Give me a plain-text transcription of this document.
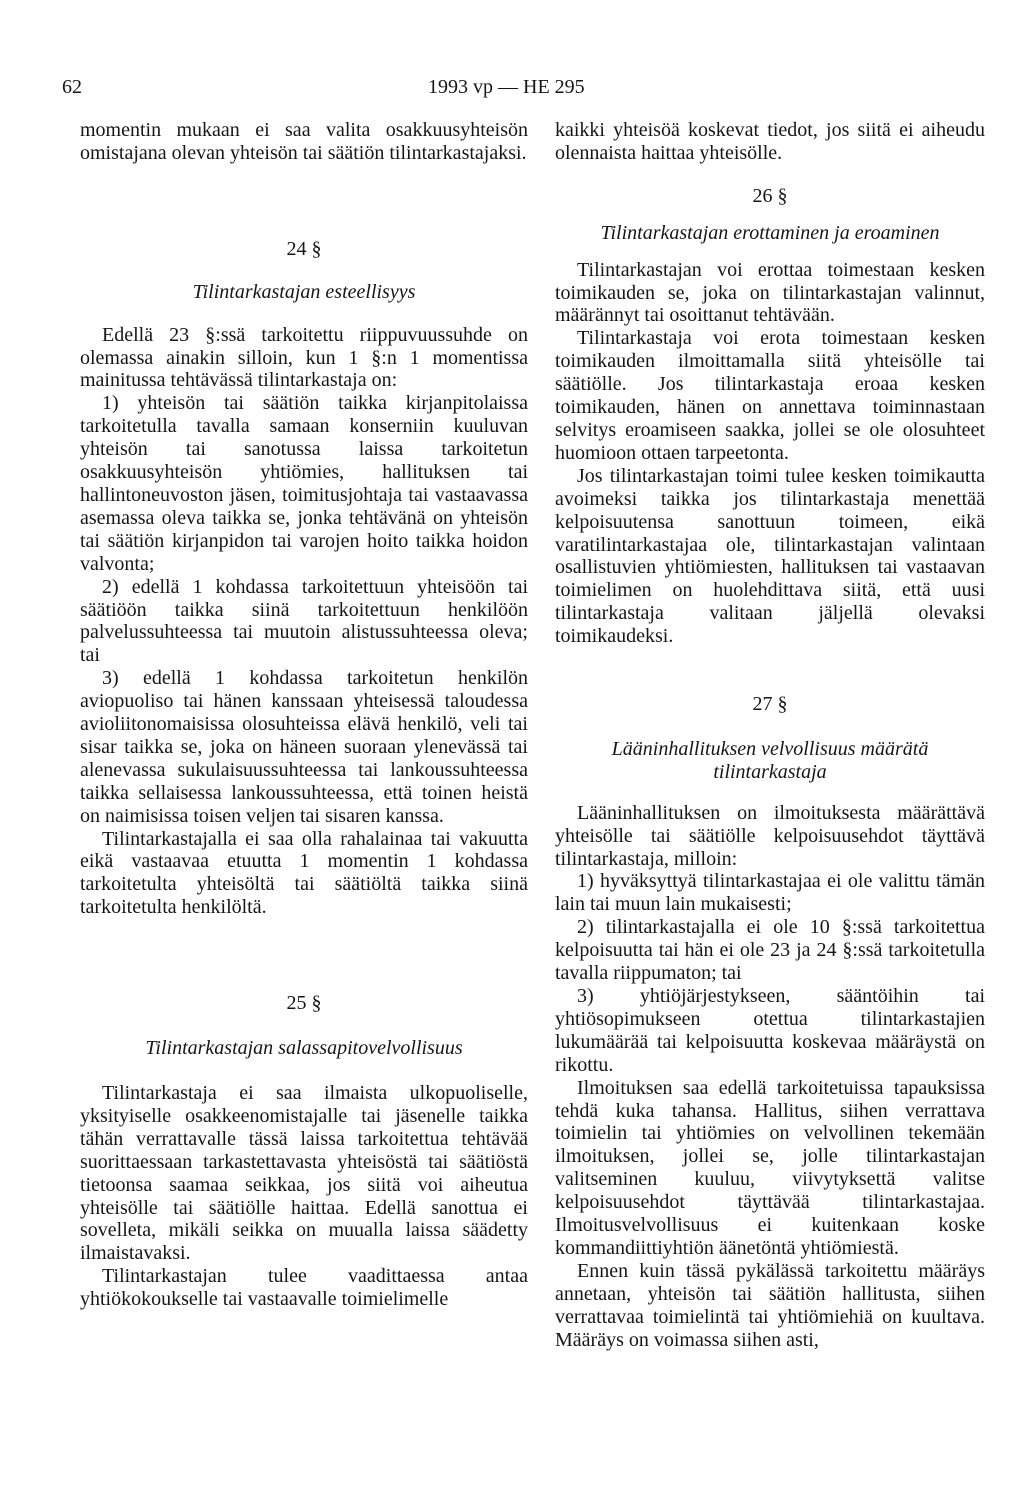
62	1993 vp — HE 295

momentin mukaan ei saa valita osakkuusyhteisön omistajana olevan yhteisön tai säätiön tilintarkastajaksi.

24 §

Tilintarkastajan esteellisyys

Edellä 23 §:ssä tarkoitettu riippuvuussuhde on olemassa ainakin silloin, kun 1 §:n 1 momentissa mainitussa tehtävässä tilintarkastaja on:

1) yhteisön tai säätiön taikka kirjanpitolaissa tarkoitetulla tavalla samaan konserniin kuuluvan yhteisön tai sanotussa laissa tarkoitetun osakkuusyhteisön yhtiömies, hallituksen tai hallintoneuvoston jäsen, toimitusjohtaja tai vastaavassa asemassa oleva taikka se, jonka tehtävänä on yhteisön tai säätiön kirjanpidon tai varojen hoito taikka hoidon valvonta;

2) edellä 1 kohdassa tarkoitettuun yhteisöön tai säätiöön taikka siinä tarkoitettuun henkilöön palvelussuhteessa tai muutoin alistussuhteessa oleva; tai

3) edellä 1 kohdassa tarkoitetun henkilön aviopuoliso tai hänen kanssaan yhteisessä taloudessa avioliitonomaisissa olosuhteissa elävä henkilö, veli tai sisar taikka se, joka on häneen suoraan ylenevässä tai alenevassa sukulaisuussuhteessa tai lankoussuhteessa taikka sellaisessa lankoussuhteessa, että toinen heistä on naimisissa toisen veljen tai sisaren kanssa.

Tilintarkastajalla ei saa olla rahalainaa tai vakuutta eikä vastaavaa etuutta 1 momentin 1 kohdassa tarkoitetulta yhteisöltä tai säätiöltä taikka siinä tarkoitetulta henkilöltä.

25 §

Tilintarkastajan salassapitovelvollisuus

Tilintarkastaja ei saa ilmaista ulkopuoliselle, yksityiselle osakkeenomistajalle tai jäsenelle taikka tähän verrattavalle tässä laissa tarkoitettua tehtävää suorittaessaan tarkastettavasta yhteisöstä tai säätiöstä tietoonsa saamaa seikkaa, jos siitä voi aiheutua yhteisölle tai säätiölle haittaa. Edellä sanottua ei sovelleta, mikäli seikka on muualla laissa säädetty ilmaistavaksi.

Tilintarkastajan tulee vaadittaessa antaa yhtiökokoukselle tai vastaavalle toimielimelle

kaikki yhteisöä koskevat tiedot, jos siitä ei aiheudu olennaista haittaa yhteisölle.

26 §

Tilintarkastajan erottaminen ja eroaminen

Tilintarkastajan voi erottaa toimestaan kesken toimikauden se, joka on tilintarkastajan valinnut, määrännyt tai osoittanut tehtävään.

Tilintarkastaja voi erota toimestaan kesken toimikauden ilmoittamalla siitä yhteisölle tai säätiölle. Jos tilintarkastaja eroaa kesken toimikauden, hänen on annettava toiminnastaan selvitys eroamiseen saakka, jollei se ole olosuhteet huomioon ottaen tarpeetonta.

Jos tilintarkastajan toimi tulee kesken toimikautta avoimeksi taikka jos tilintarkastaja menettää kelpoisuutensa sanottuun toimeen, eikä varatilintarkastajaa ole, tilintarkastajan valintaan osallistuvien yhtiömiesten, hallituksen tai vastaavan toimielimen on huolehdittava siitä, että uusi tilintarkastaja valitaan jäljellä olevaksi toimikaudeksi.

27 §

Lääninhallituksen velvollisuus määrätä tilintarkastaja

Lääninhallituksen on ilmoituksesta määrättävä yhteisölle tai säätiölle kelpoisuusehdot täyttävä tilintarkastaja, milloin:

1) hyväksyttyä tilintarkastajaa ei ole valittu tämän lain tai muun lain mukaisesti;

2) tilintarkastajalla ei ole 10 §:ssä tarkoitettua kelpoisuutta tai hän ei ole 23 ja 24 §:ssä tarkoitetulla tavalla riippumaton; tai

3) yhtiöjärjestykseen, sääntöihin tai yhtiösopimukseen otettua tilintarkastajien lukumäärää tai kelpoisuutta koskevaa määräystä on rikottu.

Ilmoituksen saa edellä tarkoitetuissa tapauksissa tehdä kuka tahansa. Hallitus, siihen verrattava toimielin tai yhtiömies on velvollinen tekemään ilmoituksen, jollei se, jolle tilintarkastajan valitseminen kuuluu, viivytyksettä valitse kelpoisuusehdot täyttävää tilintarkastajaa. Ilmoitusvelvollisuus ei kuitenkaan koske kommandiittiyhtiön äänetöntä yhtiömiestä.

Ennen kuin tässä pykälässä tarkoitettu määräys annetaan, yhteisön tai säätiön hallitusta, siihen verrattavaa toimielintä tai yhtiömiehiä on kuultava. Määräys on voimassa siihen asti,
